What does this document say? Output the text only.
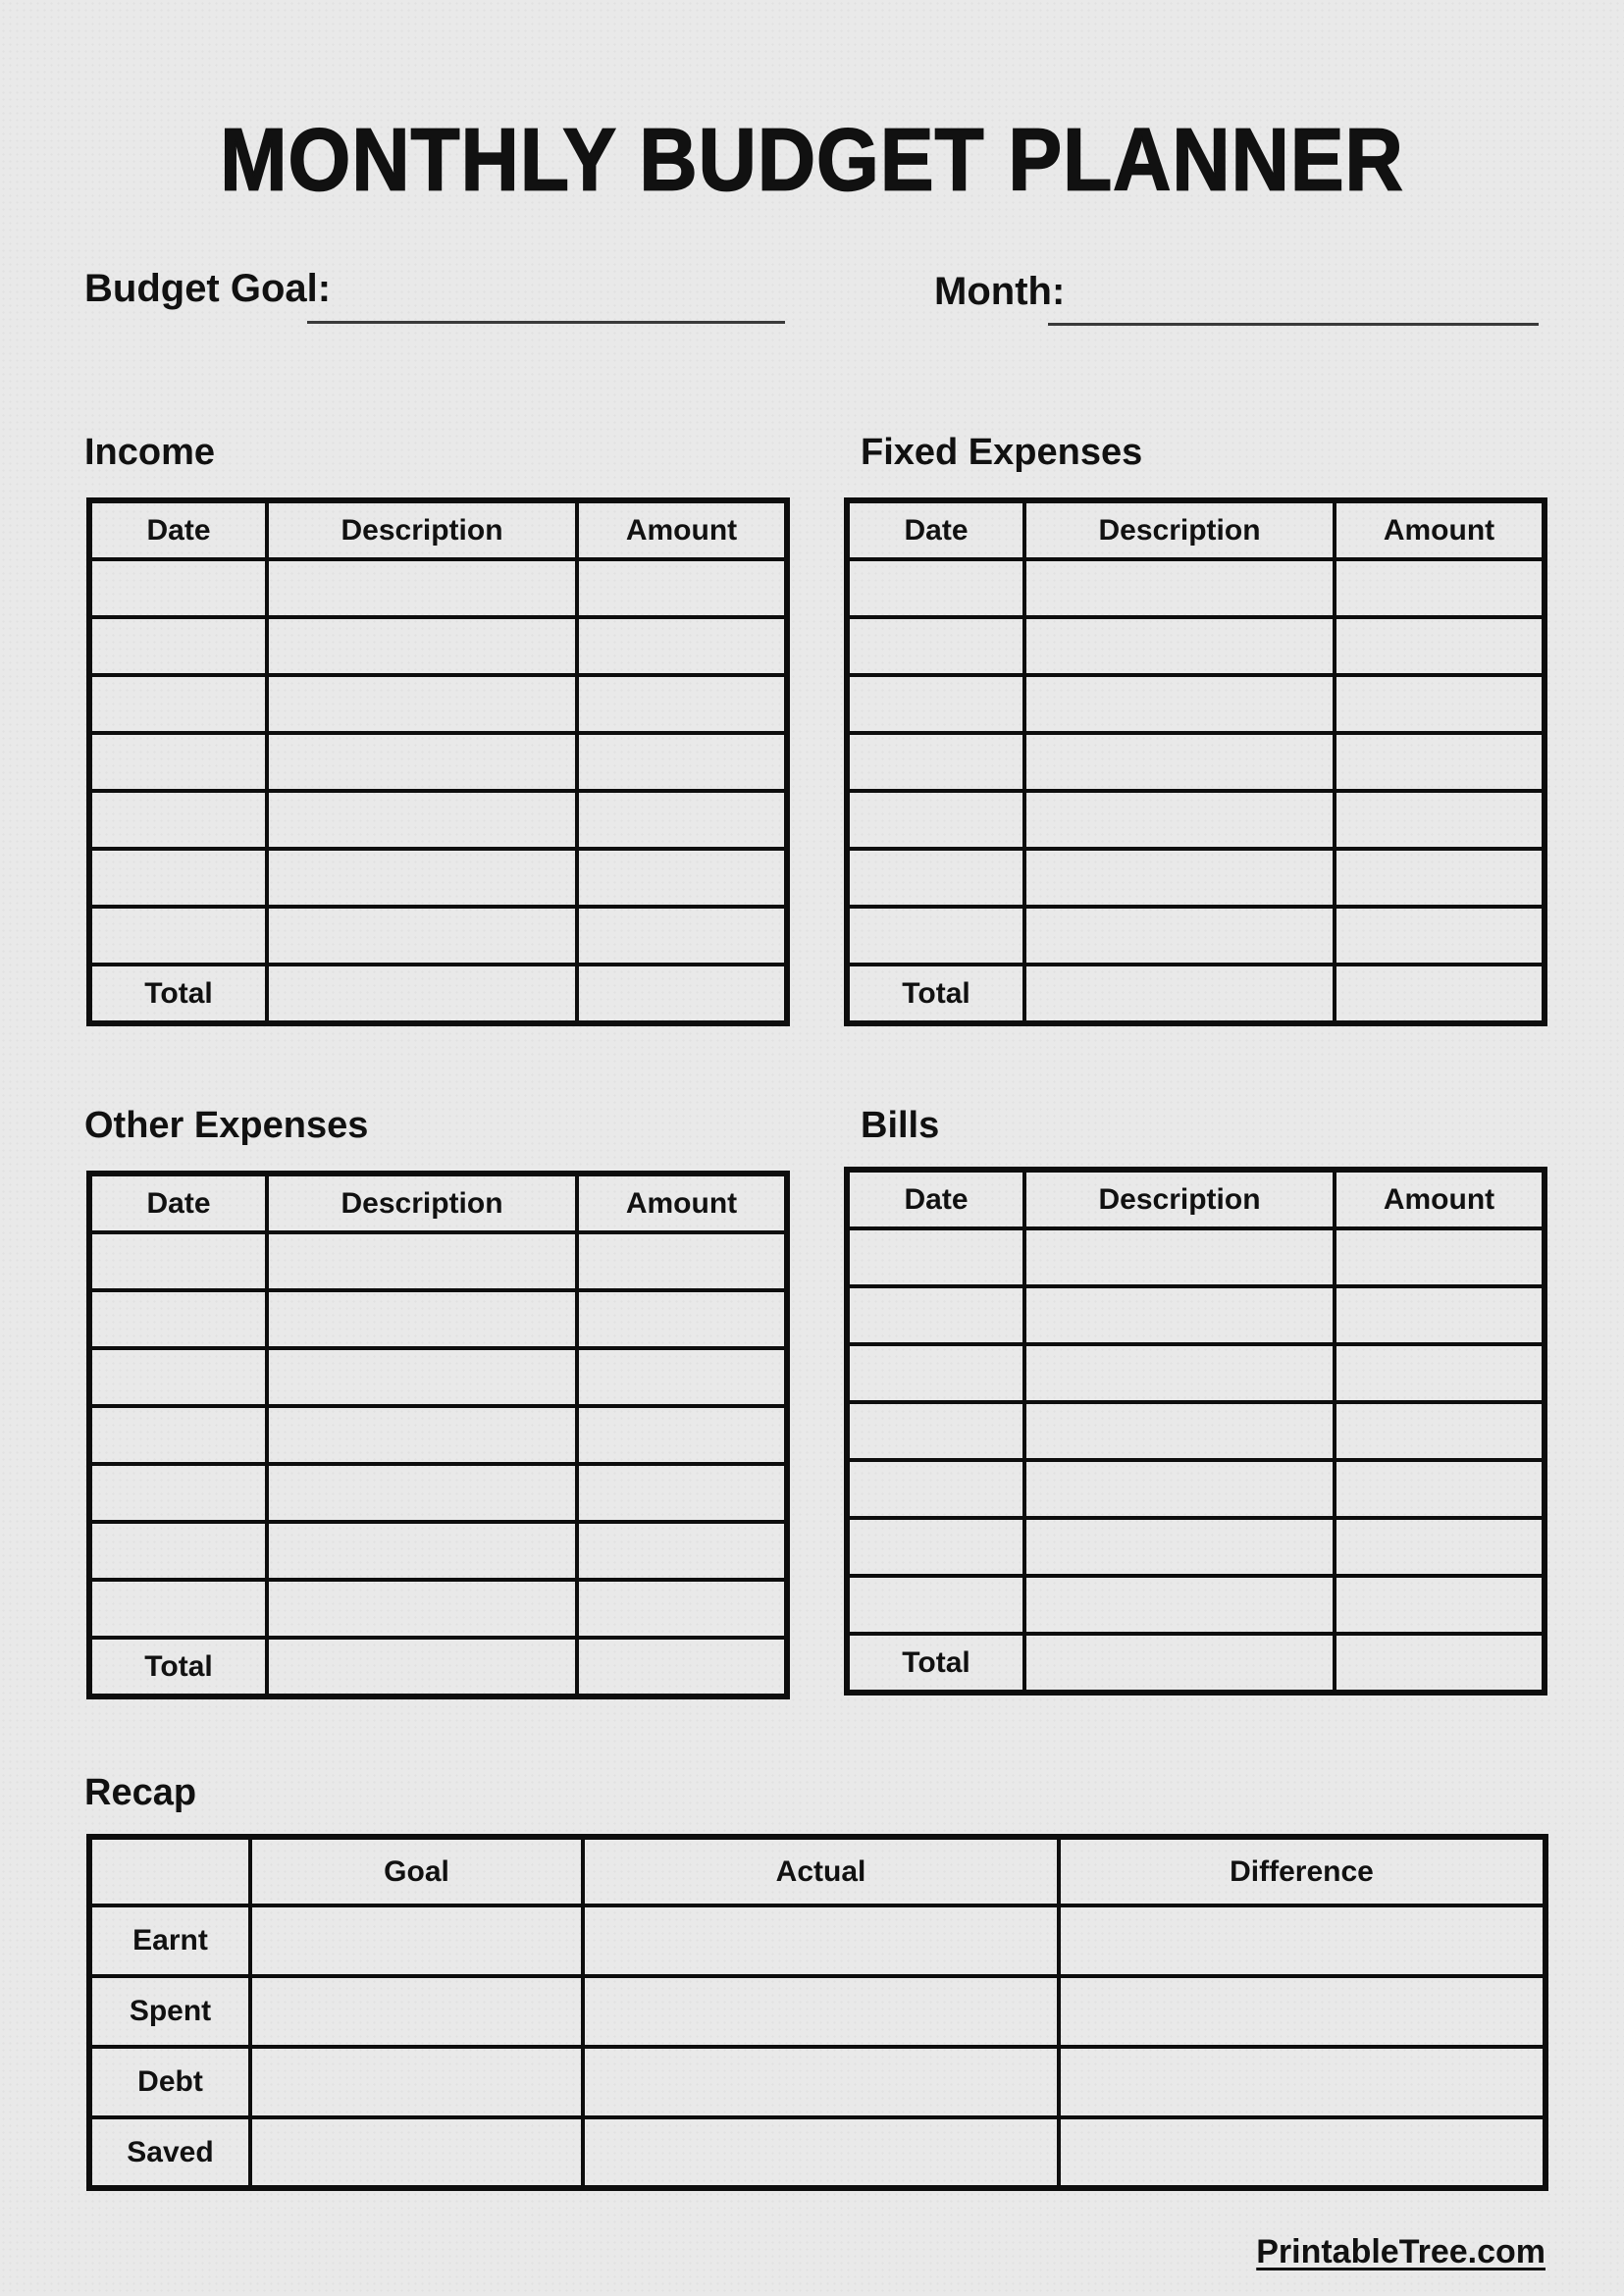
MONTHLY BUDGET PLANNER
Budget Goal:	Month:
Income	Fixed Expenses
Date	Description	Amount

Total		
Date	Description	Amount

Total		
Other Expenses	Bills
Date	Description	Amount

Total		
Date	Description	Amount

Total		
Recap
	Goal	Actual	Difference
Earnt			
Spent			
Debt			
Saved			
PrintableTree.com
